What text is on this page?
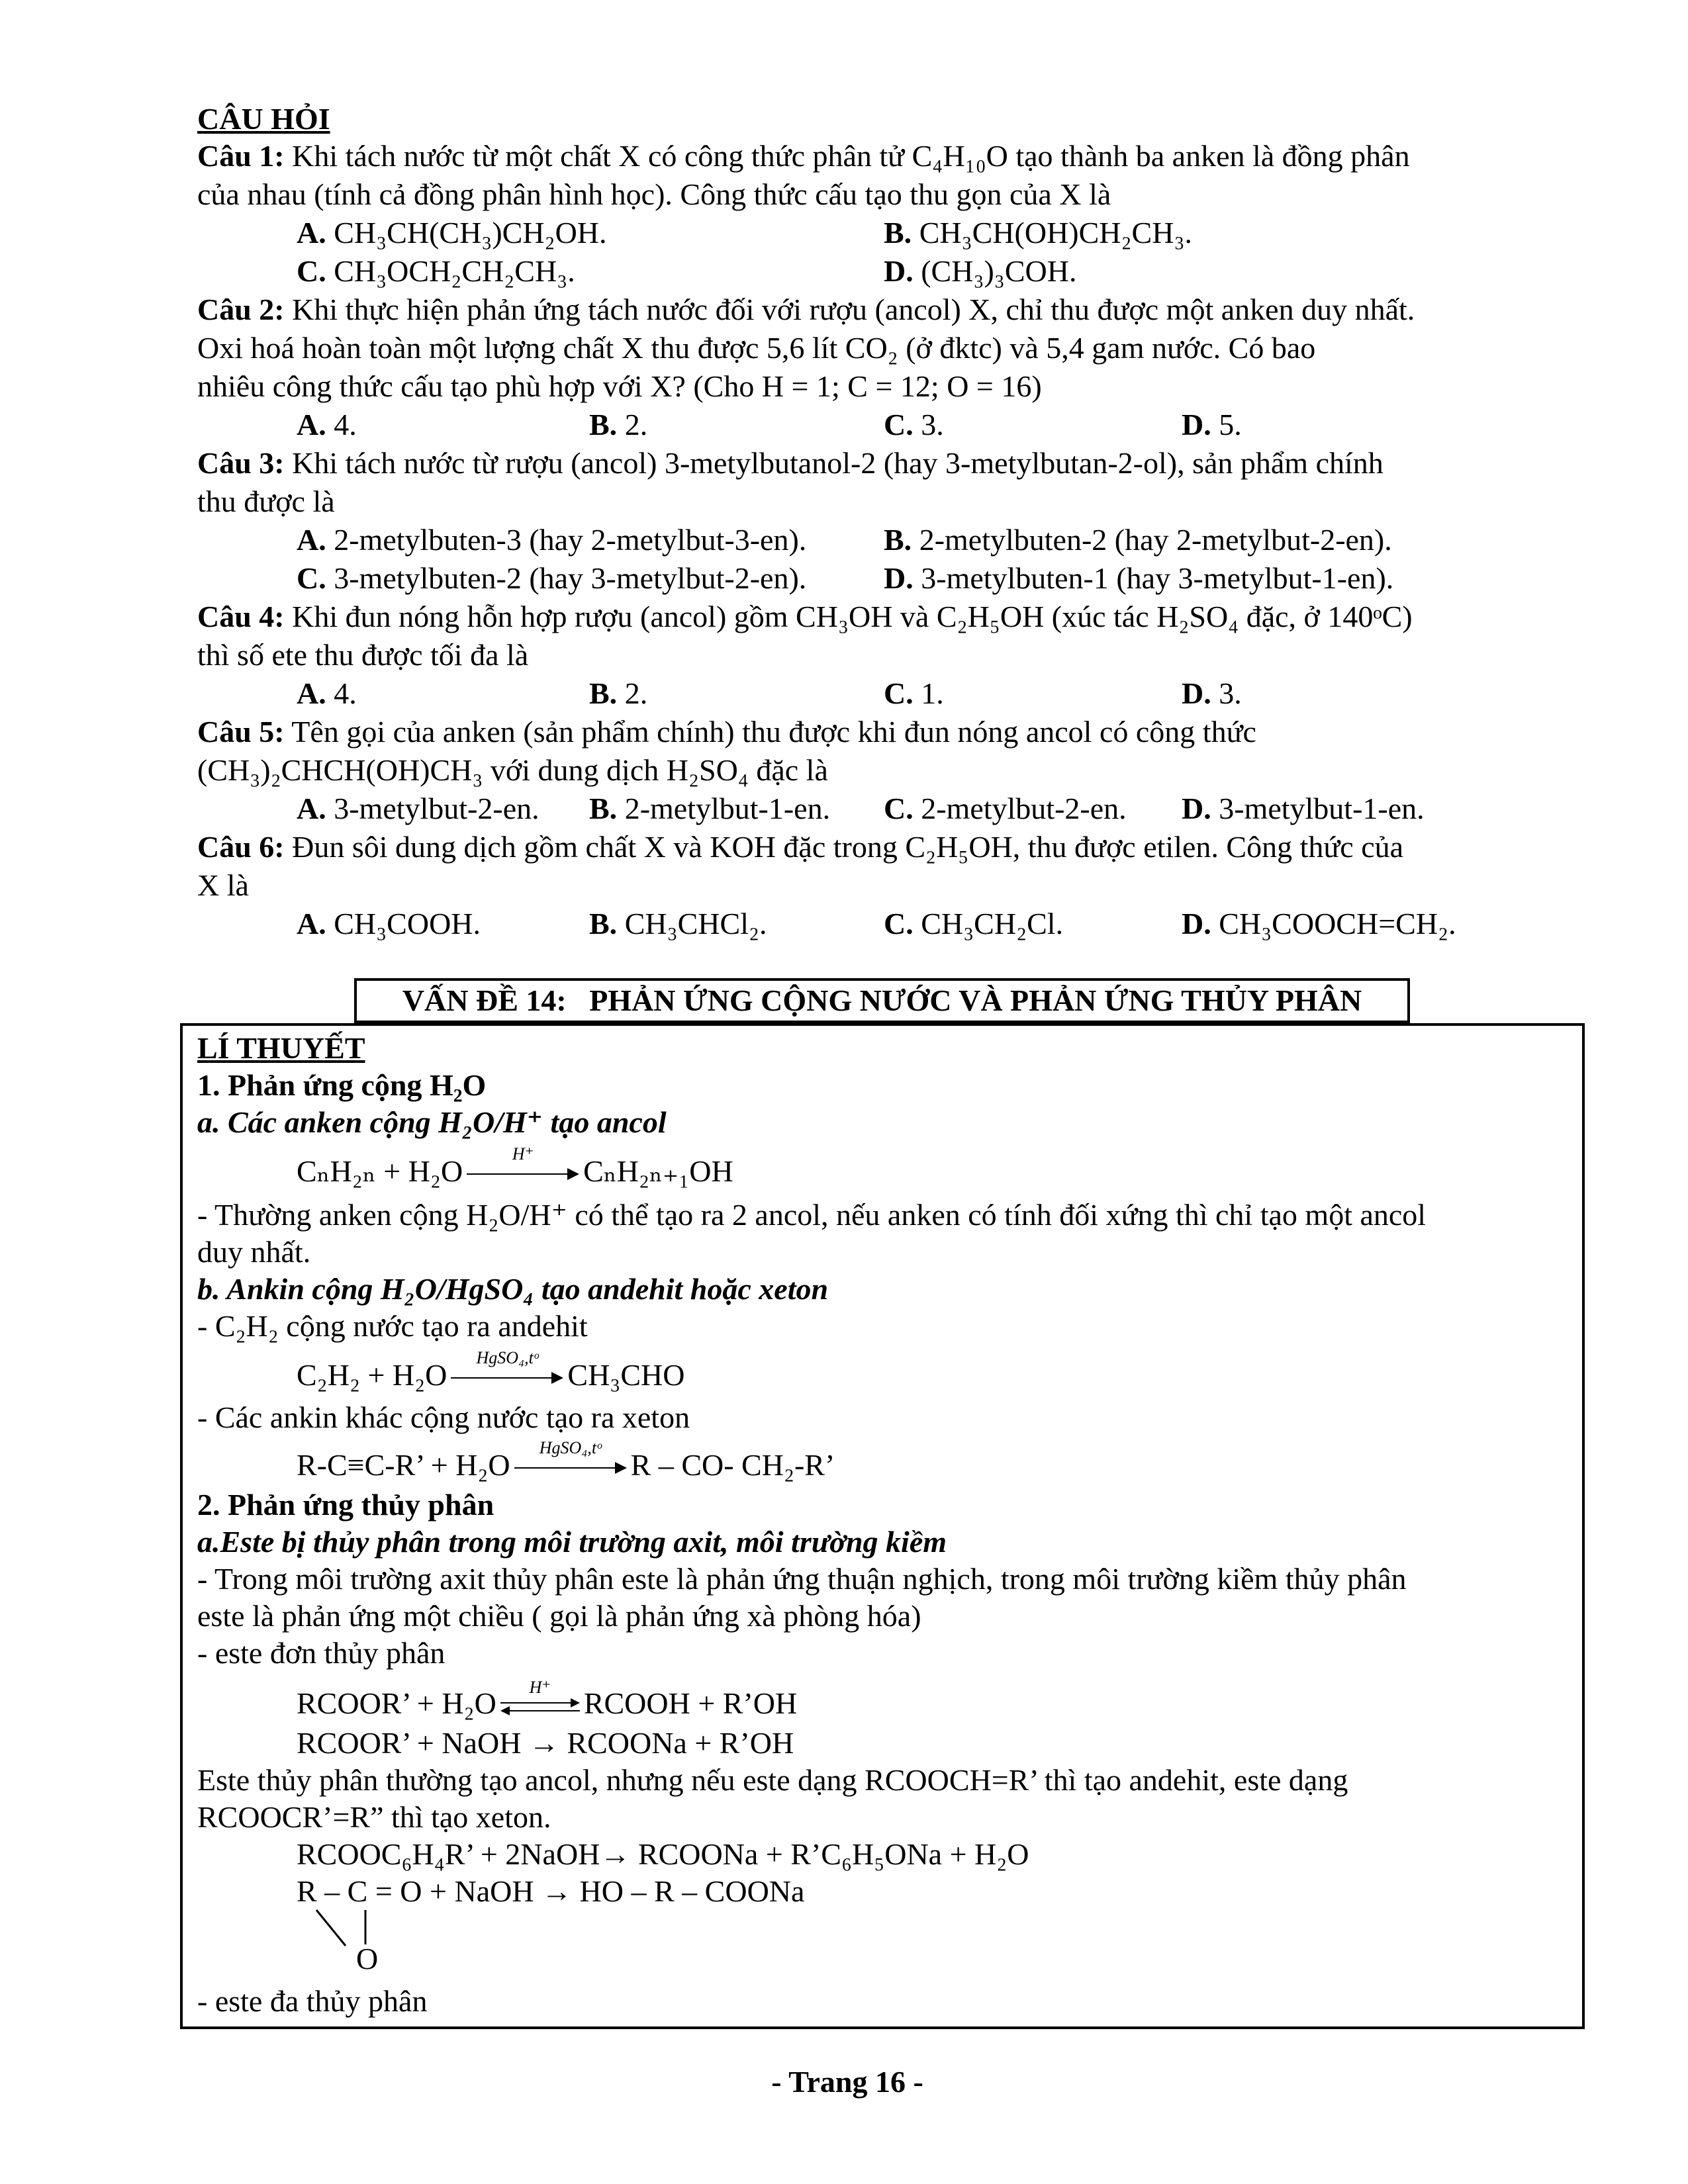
CÂU HỎI
Câu 1: Khi tách nước từ một chất X có công thức phân tử C₄H₁₀O tạo thành ba anken là đồng phân
của nhau (tính cả đồng phân hình học). Công thức cấu tạo thu gọn của X là
A. CH₃CH(CH₃)CH₂OH.	B. CH₃CH(OH)CH₂CH₃.
C. CH₃OCH₂CH₂CH₃.	D. (CH₃)₃COH.
Câu 2: Khi thực hiện phản ứng tách nước đối với rượu (ancol) X, chỉ thu được một anken duy nhất.
Oxi hoá hoàn toàn một lượng chất X thu được 5,6 lít CO₂ (ở đktc) và 5,4 gam nước. Có bao
nhiêu công thức cấu tạo phù hợp với X? (Cho H = 1; C = 12; O = 16)
A. 4.	B. 2.	C. 3.	D. 5.
Câu 3: Khi tách nước từ rượu (ancol) 3-metylbutanol-2 (hay 3-metylbutan-2-ol), sản phẩm chính
thu được là
A. 2-metylbuten-3 (hay 2-metylbut-3-en).	B. 2-metylbuten-2 (hay 2-metylbut-2-en).
C. 3-metylbuten-2 (hay 3-metylbut-2-en).	D. 3-metylbuten-1 (hay 3-metylbut-1-en).
Câu 4: Khi đun nóng hỗn hợp rượu (ancol) gồm CH₃OH và C₂H₅OH (xúc tác H₂SO₄ đặc, ở 140ᵒC)
thì số ete thu được tối đa là
A. 4.	B. 2.	C. 1.	D. 3.
Câu 5: Tên gọi của anken (sản phẩm chính) thu được khi đun nóng ancol có công thức
(CH₃)₂CHCH(OH)CH₃ với dung dịch H₂SO₄ đặc là
A. 3-metylbut-2-en. B. 2-metylbut-1-en. C. 2-metylbut-2-en. D. 3-metylbut-1-en.
Câu 6: Đun sôi dung dịch gồm chất X và KOH đặc trong C₂H₅OH, thu được etilen. Công thức của
X là
A. CH₃COOH.	B. CH₃CHCl₂.	C. CH₃CH₂Cl.	D. CH₃COOCH=CH₂.
VẤN ĐỀ 14:   PHẢN ỨNG CỘNG NƯỚC VÀ PHẢN ỨNG THỦY PHÂN
LÍ THUYẾT
1. Phản ứng cộng H₂O
a. Các anken cộng H₂O/H⁺ tạo ancol
CₙH₂ₙ + H₂O
H⁺
CₙH₂ₙ₊₁OH
- Thường anken cộng H₂O/H⁺ có thể tạo ra 2 ancol, nếu anken có tính đối xứng thì chỉ tạo một ancol
duy nhất.
b. Ankin cộng H₂O/HgSO₄ tạo andehit hoặc xeton
- C₂H₂ cộng nước tạo ra andehit
C₂H₂ + H₂O
HgSO₄,tᵒ
CH₃CHO
- Các ankin khác cộng nước tạo ra xeton
R-C≡C-R’ + H₂O
HgSO₄,tᵒ
R – CO- CH₂-R’
2. Phản ứng thủy phân
a.Este bị thủy phân trong môi trường axit, môi trường kiềm
- Trong môi trường axit thủy phân este là phản ứng thuận nghịch, trong môi trường kiềm thủy phân
este là phản ứng một chiều ( gọi là phản ứng xà phòng hóa)
- este đơn thủy phân
RCOOR’ + H₂O	H⁺	RCOOH + R’OH
RCOOR’ + NaOH → RCOONa + R’OH
Este thủy phân thường tạo ancol, nhưng nếu este dạng RCOOCH=R’ thì tạo andehit, este dạng
RCOOCR’=R” thì tạo xeton.
RCOOC₆H₄R’ + 2NaOH→ RCOONa + R’C₆H₅ONa + H₂O
R – C = O + NaOH → HO – R – COONa
O
- este đa thủy phân
- Trang 16 -
